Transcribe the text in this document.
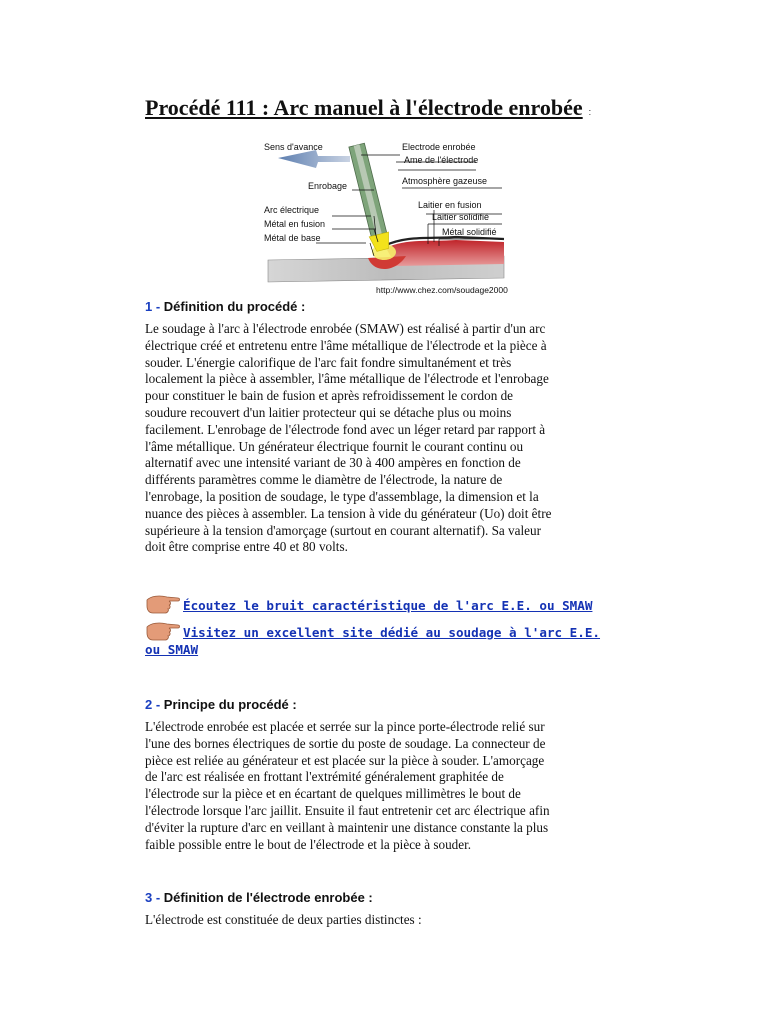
Procédé 111 : Arc manuel à l'électrode enrobée :
Sens d'avance	Electrode enrobée
Ame de l'électrode
Enrobage	Atmosphère gazeuse
Arc électrique	Laitier en fusion
Métal en fusion
Laitier solidifié
Métal de base
Métal solidifié
http://www.chez.com/soudage2000
1 - Définition du procédé :
Le soudage à l'arc à l'électrode enrobée (SMAW) est réalisé à partir d'un arc
électrique créé et entretenu entre l'âme métallique de l'électrode et la pièce à
souder. L'énergie calorifique de l'arc fait fondre simultanément et très
localement la pièce à assembler, l'âme métallique de l'électrode et l'enrobage
pour constituer le bain de fusion et après refroidissement le cordon de
soudure recouvert d'un laitier protecteur qui se détache plus ou moins
facilement. L'enrobage de l'électrode fond avec un léger retard par rapport à
l'âme métallique. Un générateur électrique fournit le courant continu ou
alternatif avec une intensité variant de 30 à 400 ampères en fonction de
différents paramètres comme le diamètre de l'électrode, la nature de
l'enrobage, la position de soudage, le type d'assemblage, la dimension et la
nuance des pièces à assembler. La tension à vide du générateur (Uo) doit être
supérieure à la tension d'amorçage (surtout en courant alternatif). Sa valeur
doit être comprise entre 40 et 80 volts.
Écoutez le bruit caractéristique de l'arc E.E. ou SMAW
Visitez un excellent site dédié au soudage à l'arc E.E. ou SMAW
2 - Principe du procédé :
L'électrode enrobée est placée et serrée sur la pince porte-électrode relié sur
l'une des bornes électriques de sortie du poste de soudage. La connecteur de
pièce est reliée au générateur et est placée sur la pièce à souder. L'amorçage
de l'arc est réalisée en frottant l'extrémité généralement graphitée de
l'électrode sur la pièce et en écartant de quelques millimètres le bout de
l'électrode lorsque l'arc jaillit. Ensuite il faut entretenir cet arc électrique afin
d'éviter la rupture d'arc en veillant à maintenir une distance constante la plus
faible possible entre le bout de l'électrode et la pièce à souder.
3 - Définition de l'électrode enrobée :
L'électrode est constituée de deux parties distinctes :
